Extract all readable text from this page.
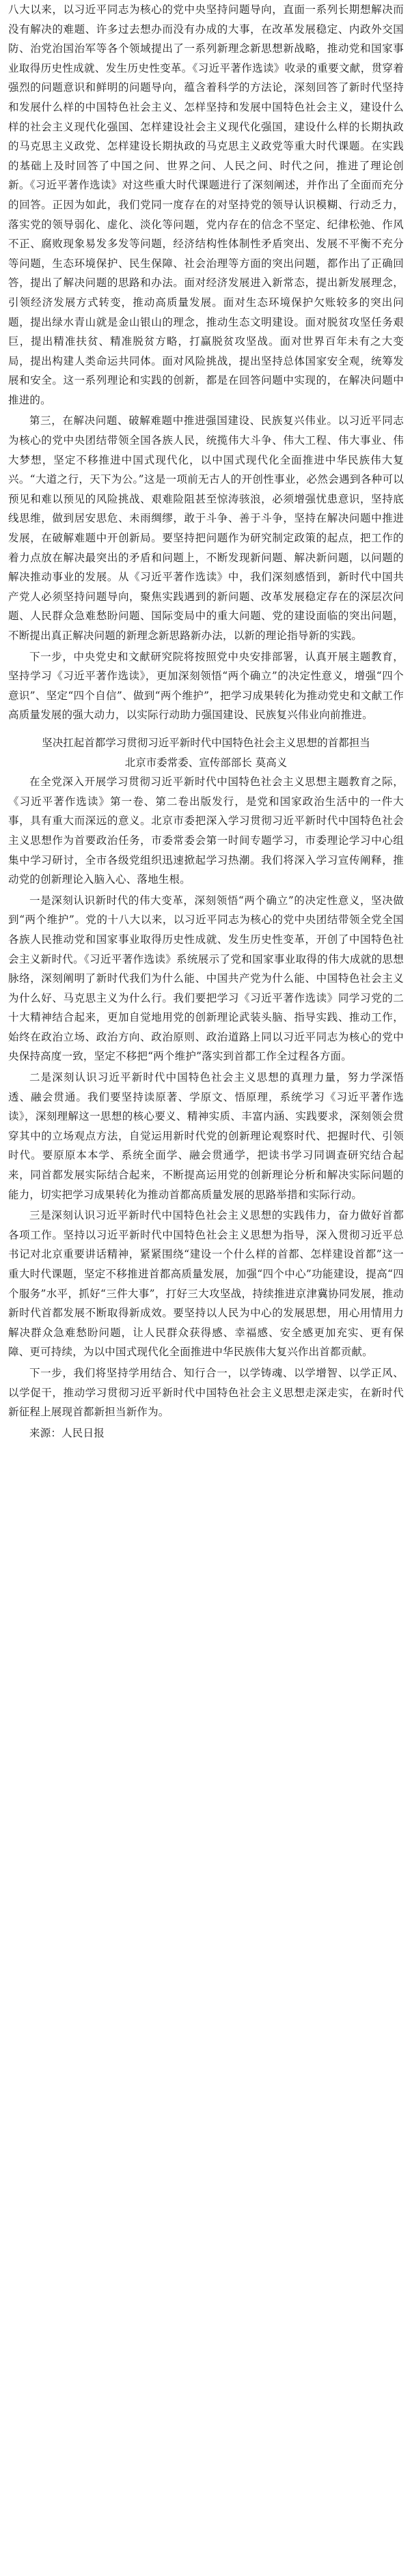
八大以来，以习近平同志为核心的党中央坚持问题导向，直面一系列长期想解决而没有解决的难题、许多过去想办而没有办成的大事，在改革发展稳定、内政外交国防、治党治国治军等各个领域提出了一系列新理念新思想新战略，推动党和国家事业取得历史性成就、发生历史性变革。《习近平著作选读》收录的重要文献，贯穿着强烈的问题意识和鲜明的问题导向，蕴含着科学的方法论，深刻回答了新时代坚持和发展什么样的中国特色社会主义、怎样坚持和发展中国特色社会主义，建设什么样的社会主义现代化强国、怎样建设社会主义现代化强国，建设什么样的长期执政的马克思主义政党、怎样建设长期执政的马克思主义政党等重大时代课题。在实践的基础上及时回答了中国之问、世界之问、人民之问、时代之问，推进了理论创新。《习近平著作选读》对这些重大时代课题进行了深刻阐述，并作出了全面而充分的回答。正因为如此，我们党同一度存在的对坚持党的领导认识模糊、行动乏力，落实党的领导弱化、虚化、淡化等问题，党内存在的信念不坚定、纪律松弛、作风不正、腐败现象易发多发等问题，经济结构性体制性矛盾突出、发展不平衡不充分等问题，生态环境保护、民生保障、社会治理等方面的突出问题，都作出了正确回答，提出了解决问题的思路和办法。面对经济发展进入新常态，提出新发展理念，引领经济发展方式转变，推动高质量发展。面对生态环境保护欠账较多的突出问题，提出绿水青山就是金山银山的理念，推动生态文明建设。面对脱贫攻坚任务艰巨，提出精准扶贫、精准脱贫方略，打赢脱贫攻坚战。面对世界百年未有之大变局，提出构建人类命运共同体。面对风险挑战，提出坚持总体国家安全观，统筹发展和安全。这一系列理论和实践的创新，都是在回答问题中实现的，在解决问题中推进的。

第三，在解决问题、破解难题中推进强国建设、民族复兴伟业。以习近平同志为核心的党中央团结带领全国各族人民，统揽伟大斗争、伟大工程、伟大事业、伟大梦想，坚定不移推进中国式现代化，以中国式现代化全面推进中华民族伟大复兴。“大道之行，天下为公。”这是一项前无古人的开创性事业，必然会遇到各种可以预见和难以预见的风险挑战、艰难险阻甚至惊涛骇浪，必须增强忧患意识，坚持底线思维，做到居安思危、未雨绸缪，敢于斗争、善于斗争，坚持在解决问题中推进发展，在破解难题中开创新局。要坚持把问题作为研究制定政策的起点，把工作的着力点放在解决最突出的矛盾和问题上，不断发现新问题、解决新问题，以问题的解决推动事业的发展。从《习近平著作选读》中，我们深刻感悟到，新时代中国共产党人必须坚持问题导向，聚焦实践遇到的新问题、改革发展稳定存在的深层次问题、人民群众急难愁盼问题、国际变局中的重大问题、党的建设面临的突出问题，不断提出真正解决问题的新理念新思路新办法，以新的理论指导新的实践。

下一步，中央党史和文献研究院将按照党中央安排部署，认真开展主题教育，坚持学习《习近平著作选读》，更加深刻领悟“两个确立”的决定性意义，增强“四个意识”、坚定“四个自信”、做到“两个维护”，把学习成果转化为推动党史和文献工作高质量发展的强大动力，以实际行动助力强国建设、民族复兴伟业向前推进。

坚决扛起首都学习贯彻习近平新时代中国特色社会主义思想的首都担当

北京市委常委、宣传部部长 莫高义

在全党深入开展学习贯彻习近平新时代中国特色社会主义思想主题教育之际，《习近平著作选读》第一卷、第二卷出版发行，是党和国家政治生活中的一件大事，具有重大而深远的意义。北京市委把深入学习贯彻习近平新时代中国特色社会主义思想作为首要政治任务，市委常委会第一时间专题学习，市委理论学习中心组集中学习研讨，全市各级党组织迅速掀起学习热潮。我们将深入学习宣传阐释，推动党的创新理论入脑入心、落地生根。

一是深刻认识新时代的伟大变革，深刻领悟“两个确立”的决定性意义，坚决做到“两个维护”。党的十八大以来，以习近平同志为核心的党中央团结带领全党全国各族人民推动党和国家事业取得历史性成就、发生历史性变革，开创了中国特色社会主义新时代。《习近平著作选读》系统展示了党和国家事业取得的伟大成就的思想脉络，深刻阐明了新时代我们为什么能、中国共产党为什么能、中国特色社会主义为什么好、马克思主义为什么行。我们要把学习《习近平著作选读》同学习党的二十大精神结合起来，更加自觉地用党的创新理论武装头脑、指导实践、推动工作，始终在政治立场、政治方向、政治原则、政治道路上同以习近平同志为核心的党中央保持高度一致，坚定不移把“两个维护”落实到首都工作全过程各方面。

二是深刻认识习近平新时代中国特色社会主义思想的真理力量，努力学深悟透、融会贯通。我们要坚持读原著、学原文、悟原理，系统学习《习近平著作选读》，深刻理解这一思想的核心要义、精神实质、丰富内涵、实践要求，深刻领会贯穿其中的立场观点方法，自觉运用新时代党的创新理论观察时代、把握时代、引领时代。要原原本本学、系统全面学、融会贯通学，把读书学习同调查研究结合起来，同首都发展实际结合起来，不断提高运用党的创新理论分析和解决实际问题的能力，切实把学习成果转化为推动首都高质量发展的思路举措和实际行动。

三是深刻认识习近平新时代中国特色社会主义思想的实践伟力，奋力做好首都各项工作。坚持以习近平新时代中国特色社会主义思想为指导，深入贯彻习近平总书记对北京重要讲话精神，紧紧围绕“建设一个什么样的首都、怎样建设首都”这一重大时代课题，坚定不移推进首都高质量发展，加强“四个中心”功能建设，提高“四个服务”水平，抓好“三件大事”，打好三大攻坚战，持续推进京津冀协同发展，推动新时代首都发展不断取得新成效。要坚持以人民为中心的发展思想，用心用情用力解决群众急难愁盼问题，让人民群众获得感、幸福感、安全感更加充实、更有保障、更可持续，为以中国式现代化全面推进中华民族伟大复兴作出首都贡献。

下一步，我们将坚持学用结合、知行合一，以学铸魂、以学增智、以学正风、以学促干，推动学习贯彻习近平新时代中国特色社会主义思想走深走实，在新时代新征程上展现首都新担当新作为。

来源：人民日报
